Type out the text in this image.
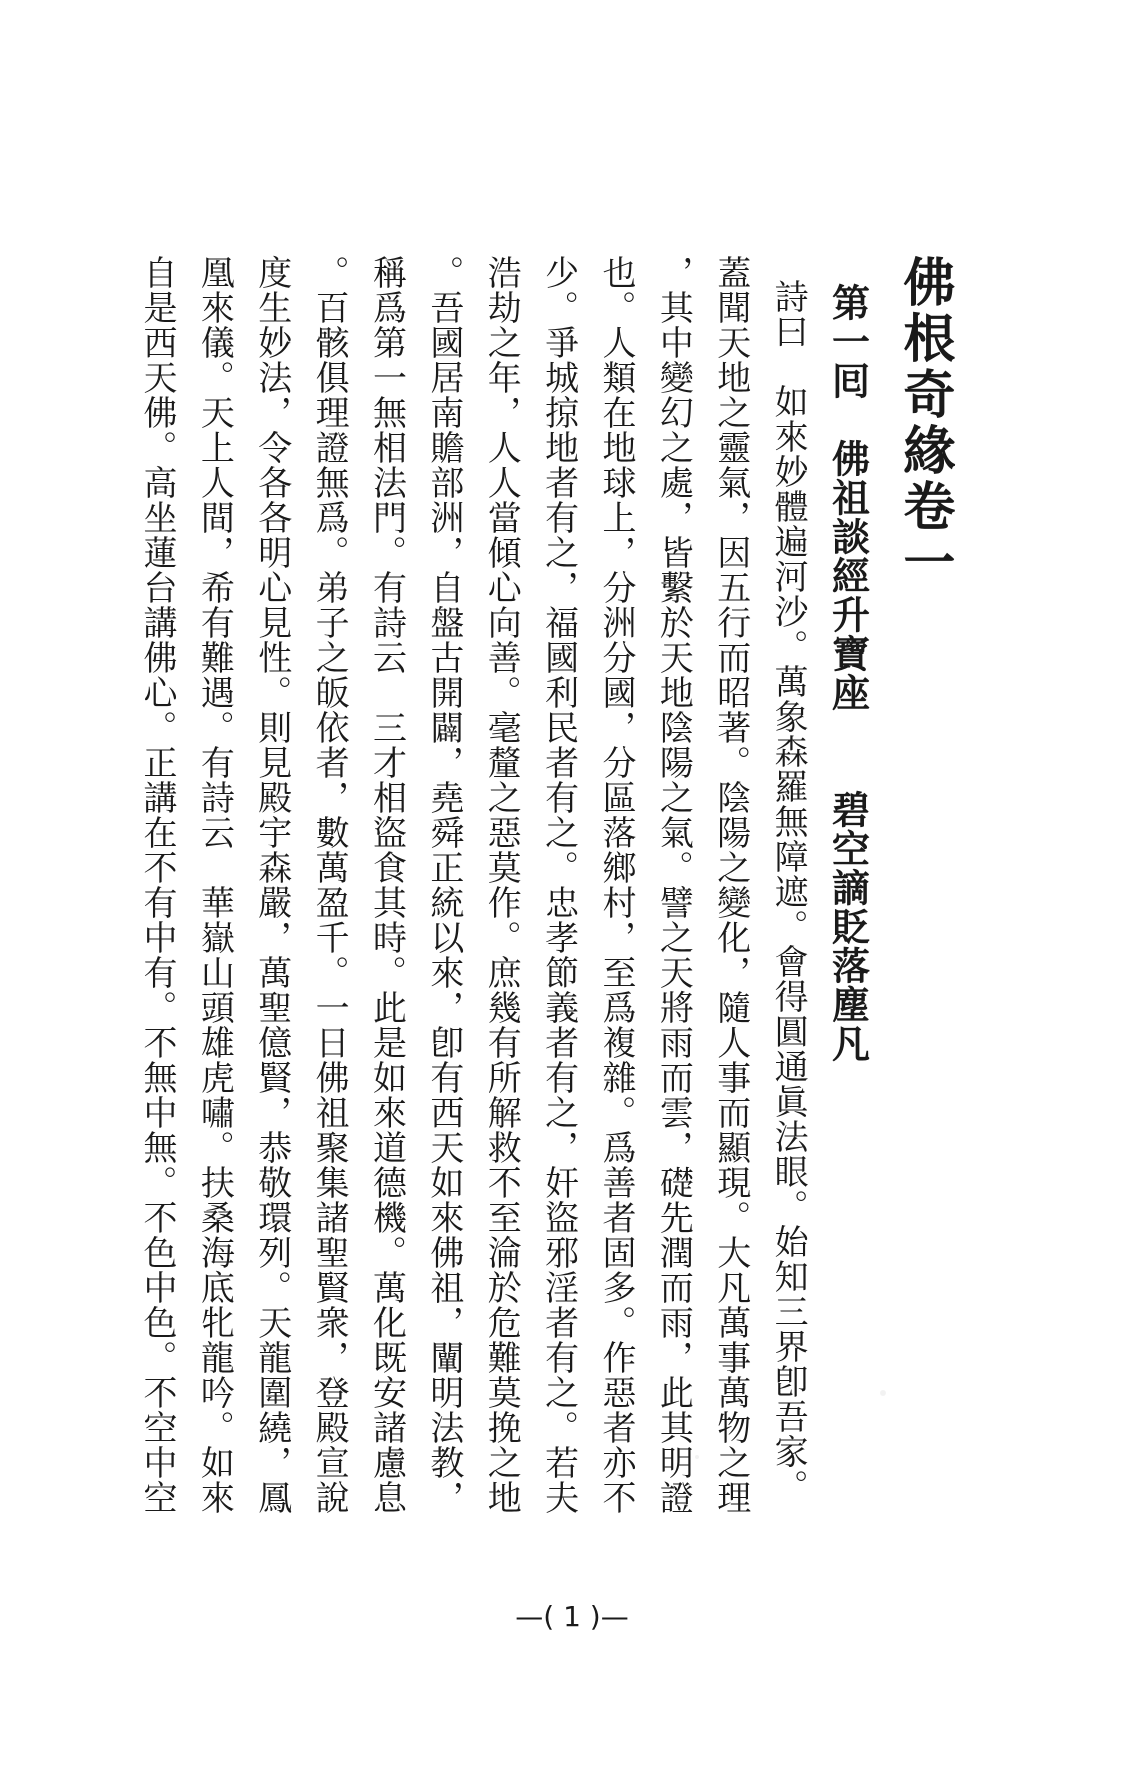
佛根奇緣卷一
第一囘　佛祖談經升寶座　　碧空謫貶落塵凡
詩曰　如來妙體遍河沙。萬象森羅無障遮。會得圓通眞法眼。始知三界卽吾家。
蓋聞天地之靈氣，因五行而昭著。陰陽之變化，隨人事而顯現。大凡萬事萬物之理
，其中變幻之處，皆繫於天地陰陽之氣。譬之天將雨而雲，礎先潤而雨，此其明證
也。人類在地球上，分洲分國，分區落鄉村，至爲複雜。爲善者固多。作惡者亦不
少。爭城掠地者有之，福國利民者有之。忠孝節義者有之，奸盜邪淫者有之。若夫
浩劫之年，人人當傾心向善。毫釐之惡莫作。庶幾有所解救不至淪於危難莫挽之地
。吾國居南贍部洲，自盤古開闢，堯舜正統以來，卽有西天如來佛祖，闡明法教，
稱爲第一無相法門。有詩云　三才相盜食其時。此是如來道德機。萬化既安諸慮息
。百骸俱理證無爲。弟子之皈依者，數萬盈千。一日佛祖聚集諸聖賢衆，登殿宣說
度生妙法，令各各明心見性。則見殿宇森嚴，萬聖億賢，恭敬環列。天龍圍繞，鳳
凰來儀。天上人間，希有難遇。有詩云　華嶽山頭雄虎嘯。扶桑海底牝龍吟。如來
自是西天佛。高坐蓮台講佛心。正講在不有中有。不無中無。不色中色。不空中空
—( 1 )—
